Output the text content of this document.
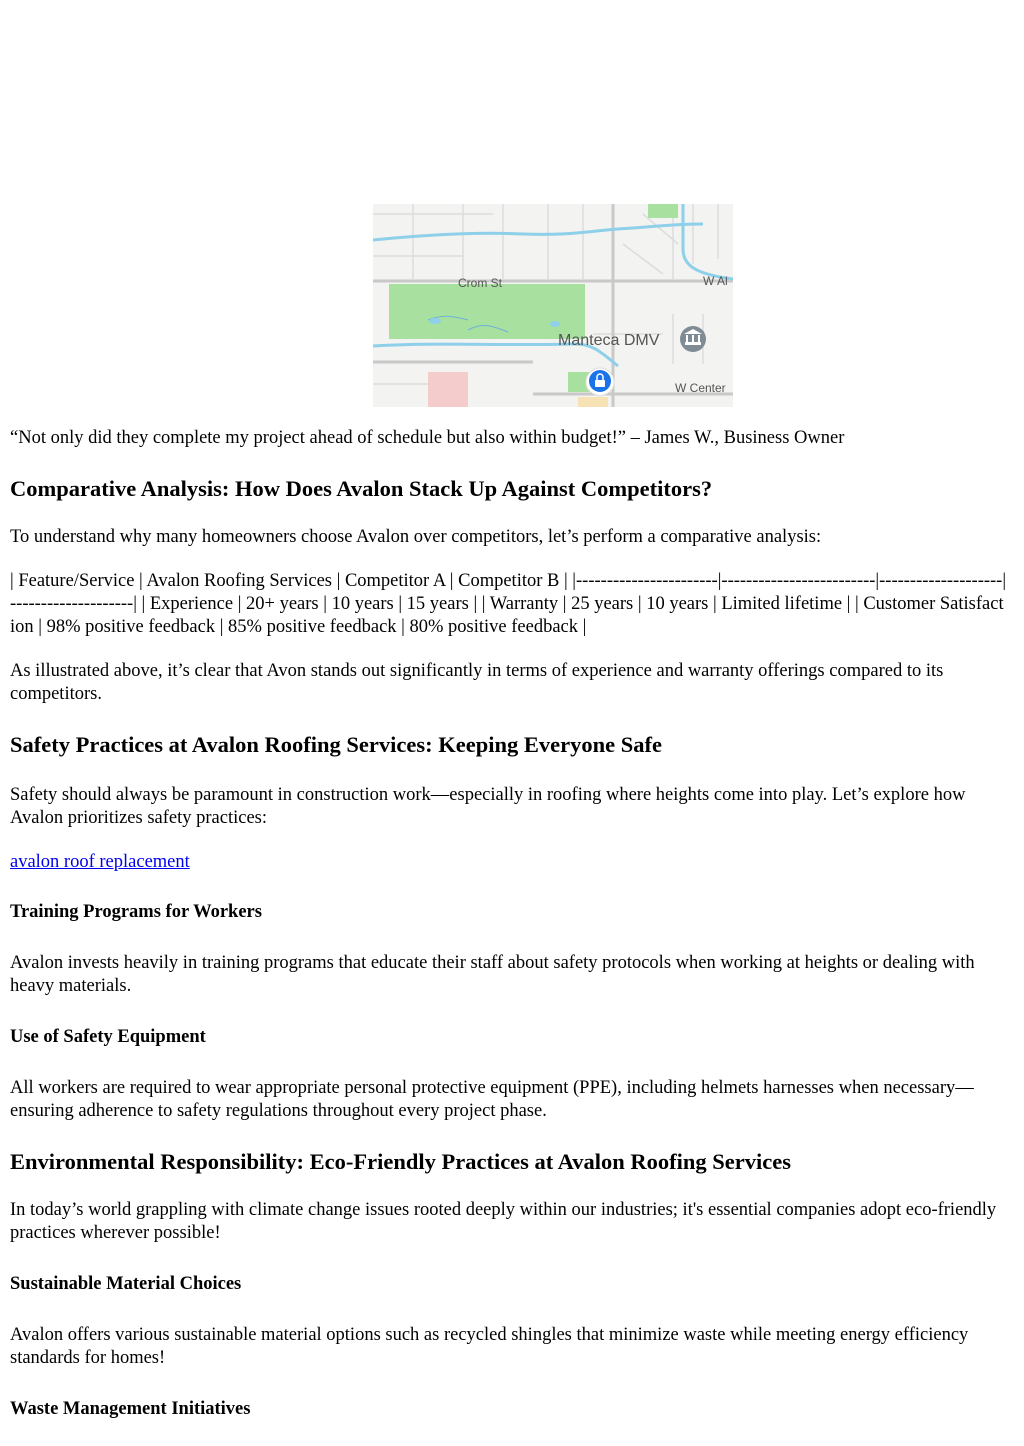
Crom St	W Al
Manteca DMV
W Center

“Not only did they complete my project ahead of schedule but also within budget!” – James W., Business Owner

Comparative Analysis: How Does Avalon Stack Up Against Competitors?

To understand why many homeowners choose Avalon over competitors, let’s perform a comparative analysis:

| Feature/Service | Avalon Roofing Services | Competitor A | Competitor B | |-----------------------|-------------------------|--------------------|--------------------| | Experience | 20+ years | 10 years | 15 years | | Warranty | 25 years | 10 years | Limited lifetime | | Customer Satisfaction | 98% positive feedback | 85% positive feedback | 80% positive feedback |

As illustrated above, it’s clear that Avon stands out significantly in terms of experience and warranty offerings compared to its competitors.

Safety Practices at Avalon Roofing Services: Keeping Everyone Safe

Safety should always be paramount in construction work—especially in roofing where heights come into play. Let’s explore how Avalon prioritizes safety practices:

avalon roof replacement
Training Programs for Workers

Avalon invests heavily in training programs that educate their staff about safety protocols when working at heights or dealing with heavy materials.

Use of Safety Equipment

All workers are required to wear appropriate personal protective equipment (PPE), including helmets harnesses when necessary—ensuring adherence to safety regulations throughout every project phase.

Environmental Responsibility: Eco-Friendly Practices at Avalon Roofing Services

In today’s world grappling with climate change issues rooted deeply within our industries; it's essential companies adopt eco-friendly practices wherever possible!

Sustainable Material Choices

Avalon offers various sustainable material options such as recycled shingles that minimize waste while meeting energy efficiency standards for homes!

Waste Management Initiatives
